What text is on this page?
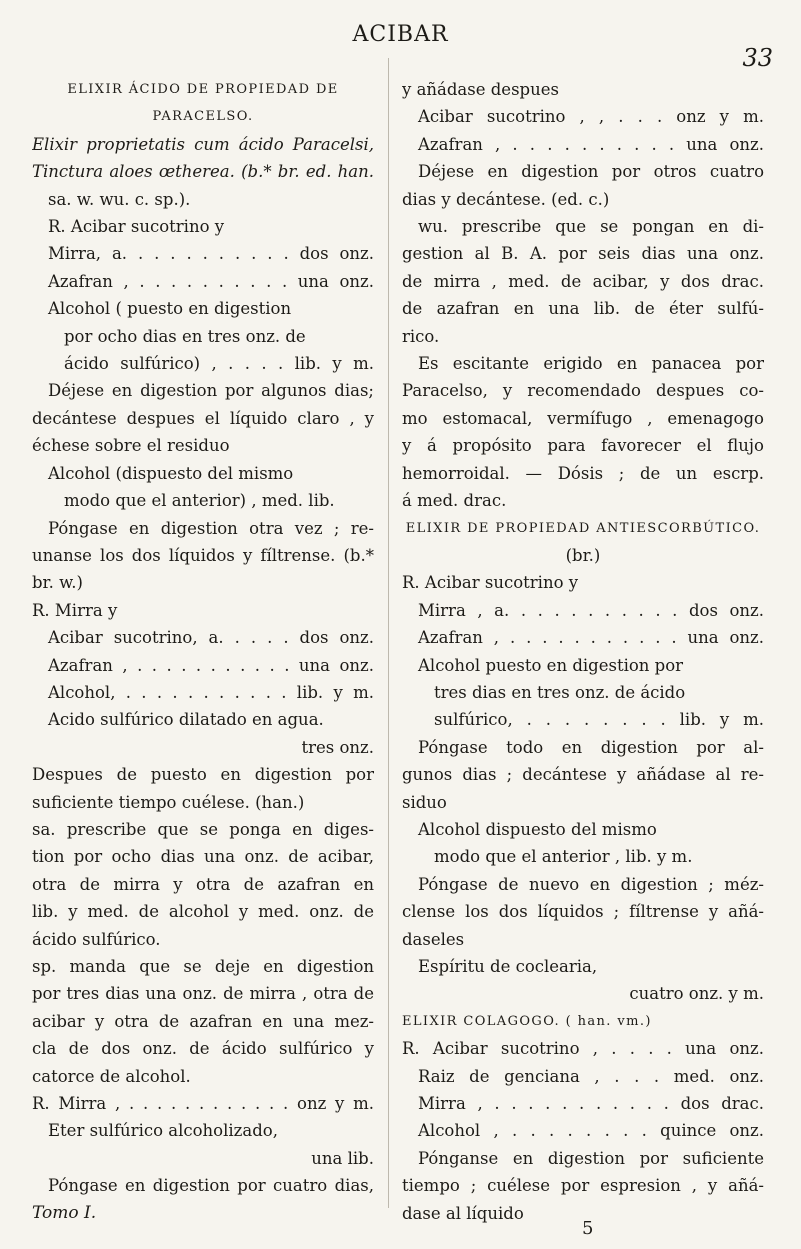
ACIBAR
33
ELIXIR ÁCIDO DE PROPIEDAD DE
PARACELSO.
Elixir proprietatis cum ácido Paracelsi,
Tinctura aloes œtherea. (b.* br. ed. han.
sa. w. wu. c. sp.).
R. Acibar sucotrino y
Mirra, a. . . . . . . . . . . dos onz.
Azafran , . . . . . . . . . . una onz.
Alcohol ( puesto en digestion
por ocho dias en tres onz. de
ácido sulfúrico) , . . . . lib. y m.
Déjese en digestion por algunos dias;
decántese despues el líquido claro , y
échese sobre el residuo
Alcohol (dispuesto del mismo
modo que el anterior) , med. lib.
Póngase en digestion otra vez ; re-
unanse los dos líquidos y fíltrense. (b.*
br. w.)
R. Mirra y
Acibar sucotrino, a. . . . . dos onz.
Azafran , . . . . . . . . . . . una onz.
Alcohol, . . . . . . . . . . . lib. y m.
Acido sulfúrico dilatado en agua.
tres onz.
Despues de puesto en digestion por
suficiente tiempo cuélese. (han.)
sa. prescribe que se ponga en diges-
tion por ocho dias una onz. de acibar,
otra de mirra y otra de azafran en
lib. y med. de alcohol y med. onz. de
ácido sulfúrico.
sp. manda que se deje en digestion
por tres dias una onz. de mirra , otra de
acibar y otra de azafran en una mez-
cla de dos onz. de ácido sulfúrico y
catorce de alcohol.
R. Mirra , . . . . . . . . . . . . onz y m.
Eter sulfúrico alcoholizado,
una lib.
Póngase en digestion por cuatro dias,
Tomo I.
y añádase despues
Acibar sucotrino , , . . . onz y m.
Azafran , . . . . . . . . . . una onz.
Déjese en digestion por otros cuatro
dias y decántese. (ed. c.)
wu. prescribe que se pongan en di-
gestion al B. A. por seis dias una onz.
de mirra , med. de acibar, y dos drac.
de azafran en una lib. de éter sulfú-
rico.
Es escitante erigido en panacea por
Paracelso, y recomendado despues co-
mo estomacal, vermífugo , emenagogo
y á propósito para favorecer el flujo
hemorroidal. — Dósis ; de un escrp.
á med. drac.
ELIXIR DE PROPIEDAD ANTIESCORBÚTICO.
(br.)
R. Acibar sucotrino y
Mirra , a. . . . . . . . . . . dos onz.
Azafran , . . . . . . . . . . . una onz.
Alcohol puesto en digestion por
tres dias en tres onz. de ácido
sulfúrico, . . . . . . . . lib. y m.
Póngase todo en digestion por al-
gunos dias ; decántese y añádase al re-
siduo
Alcohol dispuesto del mismo
modo que el anterior , lib. y m.
Póngase de nuevo en digestion ; méz-
clense los dos líquidos ; fíltrense y añá-
daseles
Espíritu de coclearia,
cuatro onz. y m.
ELIXIR COLAGOGO. ( han. vm.)
R. Acibar sucotrino , . . . . una onz.
Raiz de genciana , . . . med. onz.
Mirra , . . . . . . . . . . . dos drac.
Alcohol , . . . . . . . . quince onz.
Pónganse en digestion por suficiente
tiempo ; cuélese por espresion , y añá-
dase al líquido
5
